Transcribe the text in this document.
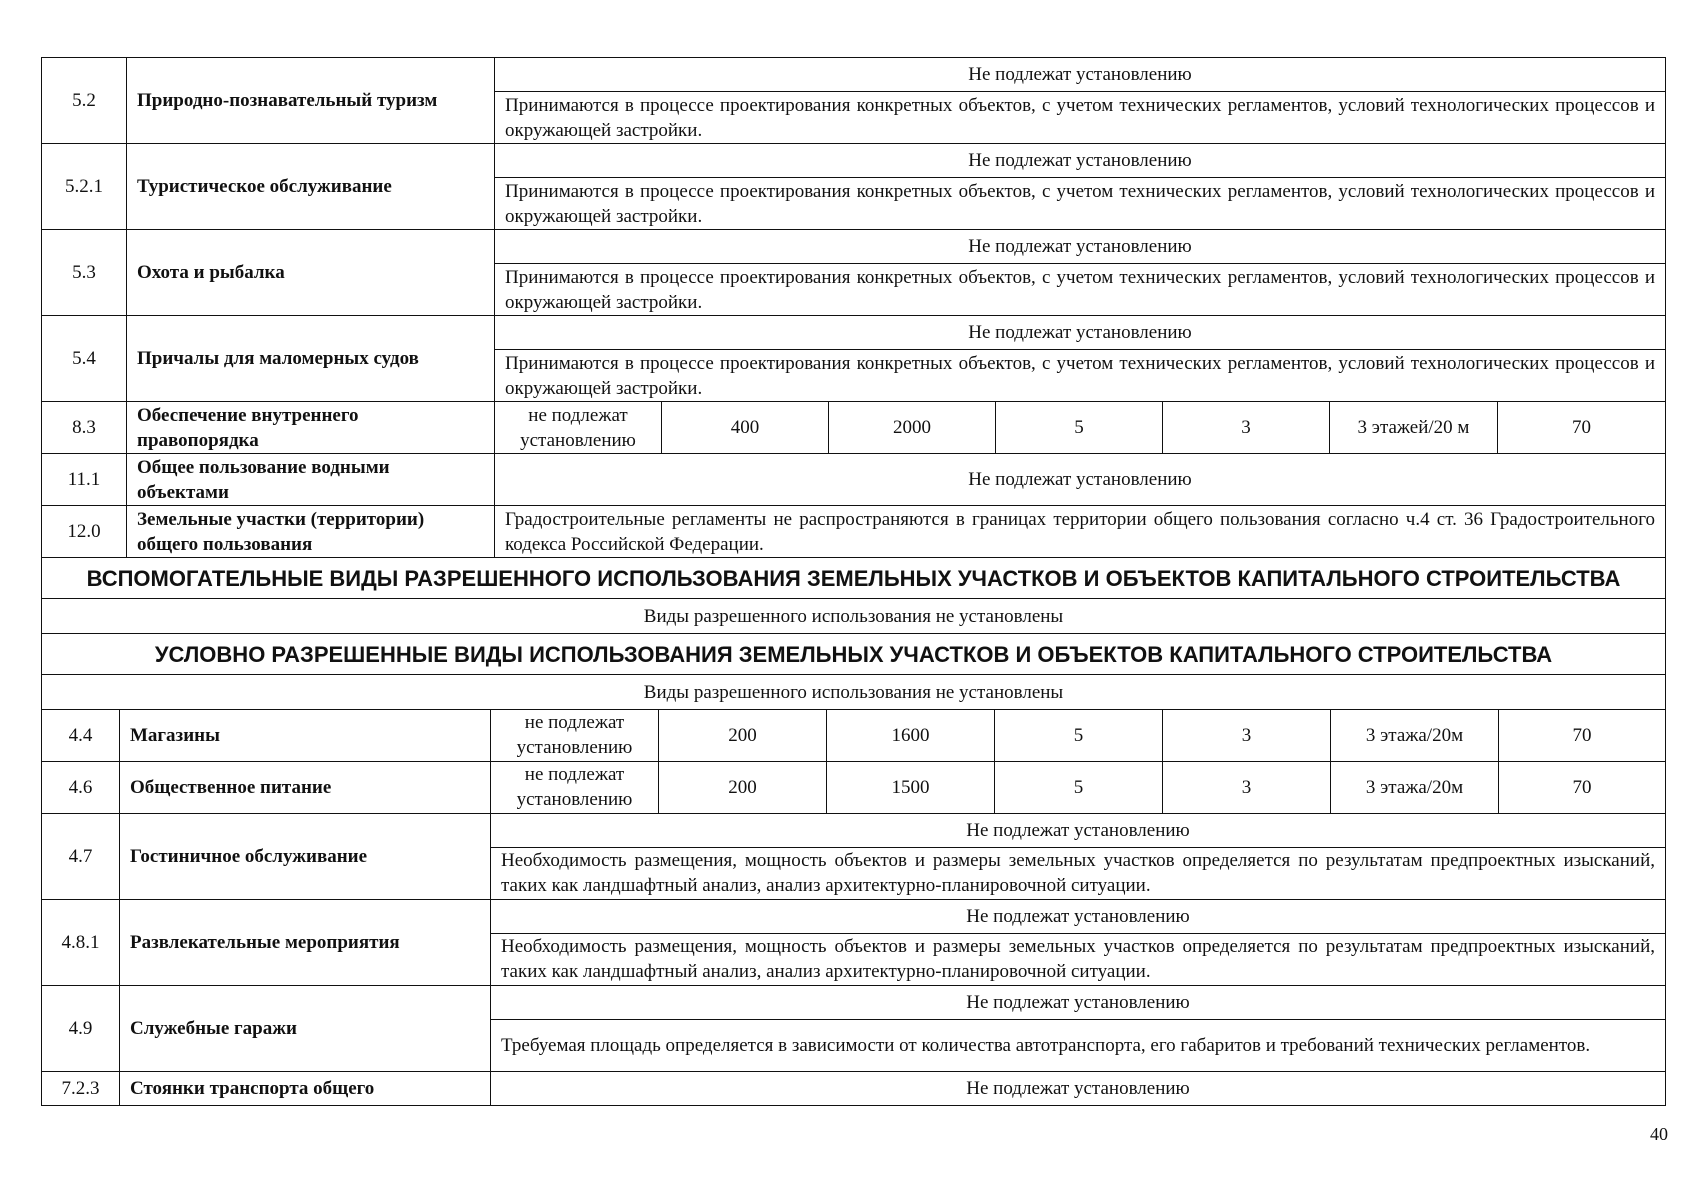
5.2	Природно-познавательный туризм	Не подлежат установлению						
		Принимаются в процессе проектирования конкретных объектов, с учетом технических регламентов, условий технологических процессов и окружающей застройки.						
5.2.1	Туристическое обслуживание	Не подлежат установлению						
		Принимаются в процессе проектирования конкретных объектов, с учетом технических регламентов, условий технологических процессов и окружающей застройки.						
5.3	Охота и рыбалка	Не подлежат установлению						
		Принимаются в процессе проектирования конкретных объектов, с учетом технических регламентов, условий технологических процессов и окружающей застройки.						
5.4	Причалы для маломерных судов	Не подлежат установлению						
		Принимаются в процессе проектирования конкретных объектов, с учетом технических регламентов, условий технологических процессов и окружающей застройки.						
8.3	Обеспечение внутреннего правопорядка	не подлежат установлению	400	2000	5	3	3 этажей/20 м	70
11.1	Общее пользование водными объектами	Не подлежат установлению						
12.0	Земельные участки (территории) общего пользования	Градостроительные регламенты не распространяются в границах территории общего пользования согласно ч.4 ст. 36 Градостроительного кодекса Российской Федерации.						
ВСПОМОГАТЕЛЬНЫЕ ВИДЫ РАЗРЕШЕННОГО ИСПОЛЬЗОВАНИЯ ЗЕМЕЛЬНЫХ УЧАСТКОВ И ОБЪЕКТОВ КАПИТАЛЬНОГО СТРОИТЕЛЬСТВА								
Виды разрешенного использования не установлены								
УСЛОВНО РАЗРЕШЕННЫЕ ВИДЫ ИСПОЛЬЗОВАНИЯ ЗЕМЕЛЬНЫХ УЧАСТКОВ И ОБЪЕКТОВ КАПИТАЛЬНОГО СТРОИТЕЛЬСТВА								
Виды разрешенного использования не установлены								
4.4	Магазины	не подлежат установлению	200	1600	5	3	3 этажа/20м	70
4.6	Общественное питание	не подлежат установлению	200	1500	5	3	3 этажа/20м	70
4.7	Гостиничное обслуживание	Не подлежат установлению						
		Необходимость размещения, мощность объектов и размеры земельных участков определяется по результатам предпроектных изысканий, таких как ландшафтный анализ, анализ архитектурно-планировочной ситуации.						
4.8.1	Развлекательные мероприятия	Не подлежат установлению						
		Необходимость размещения, мощность объектов и размеры земельных участков определяется по результатам предпроектных изысканий, таких как ландшафтный анализ, анализ архитектурно-планировочной ситуации.						
4.9	Служебные гаражи	Не подлежат установлению						
		Требуемая площадь определяется в зависимости от количества автотранспорта, его габаритов и требований технических регламентов.						
7.2.3	Стоянки транспорта общего	Не подлежат установлению						
40
